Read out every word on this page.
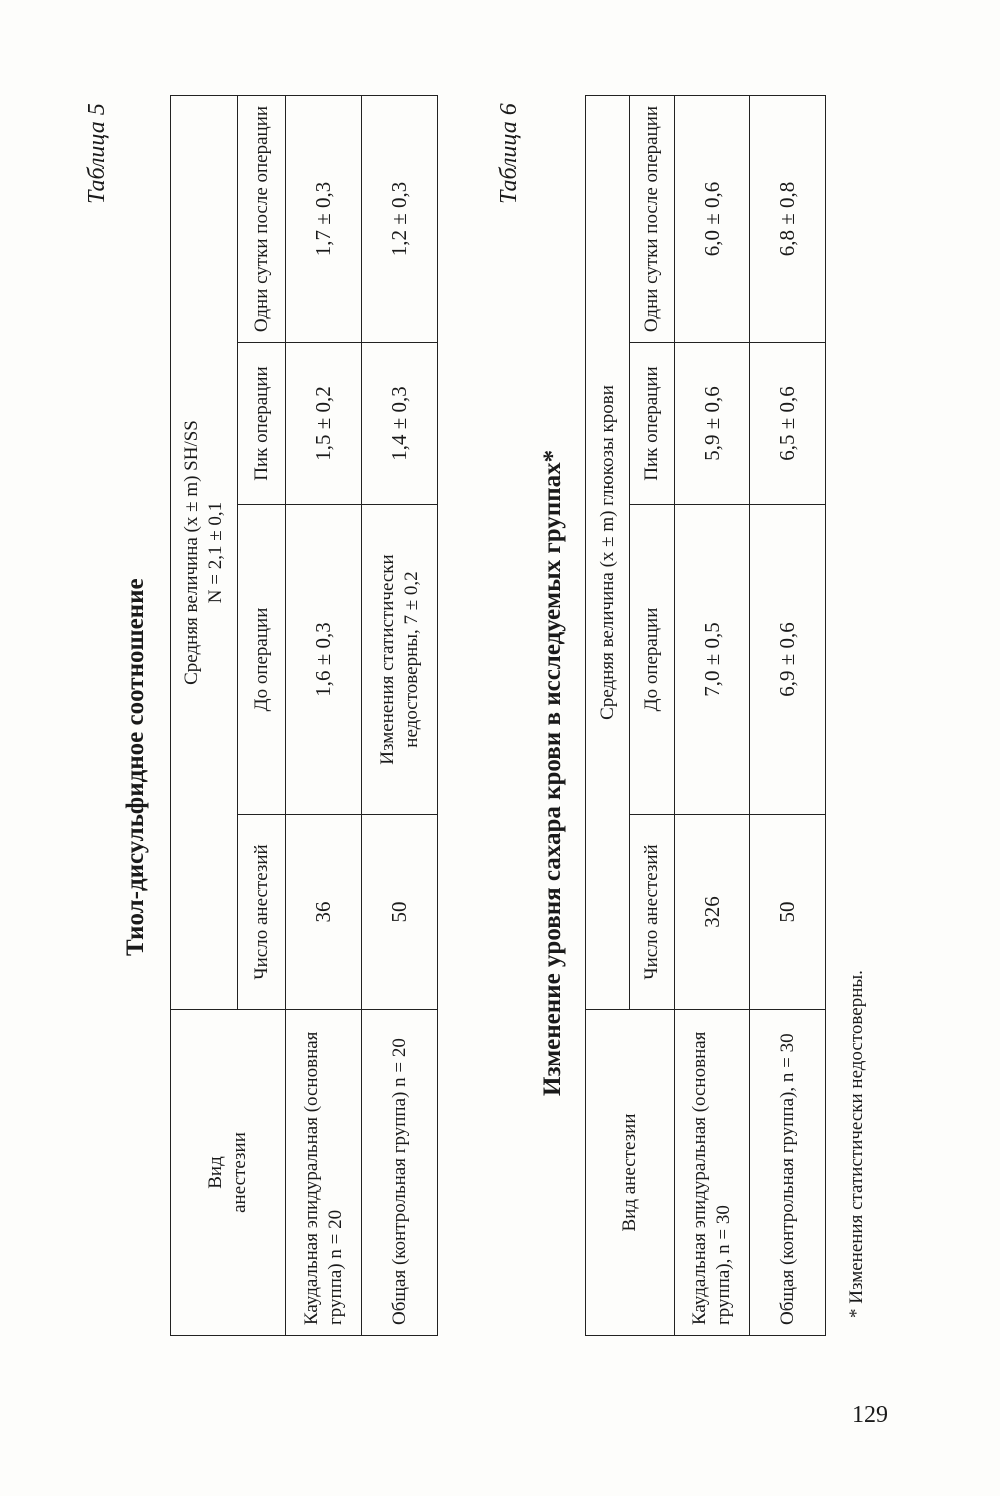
Таблица 5
Тиол-дисульфидное соотношение
Вид анестезии	Средняя величина (x ± m) SH/SS N = 2,1 ± 0,1			

	Число анестезий	До операции	Пик операции	Одни сутки после операции
Каудальная эпидуральная (основная группа) n = 20	36	1,6 ± 0,3	1,5 ± 0,2	1,7 ± 0,3
Общая (контрольная группа) n = 20	50	Изменения статистически недостоверны, 7 ± 0,2	1,4 ± 0,3	1,2 ± 0,3
Таблица 6
Изменение уровня сахара крови в исследуемых группах*
Вид анестезии	Средняя величина (x ± m) глюкозы крови			
	Число анестезий	До операции	Пик операции	Одни сутки после операции
Каудальная эпидуральная (основная группа), n = 30	326	7,0 ± 0,5	5,9 ± 0,6	6,0 ± 0,6
Общая (контрольная группа), n = 30	50	6,9 ± 0,6	6,5 ± 0,6	6,8 ± 0,8
* Изменения статистически недостоверны.
129
